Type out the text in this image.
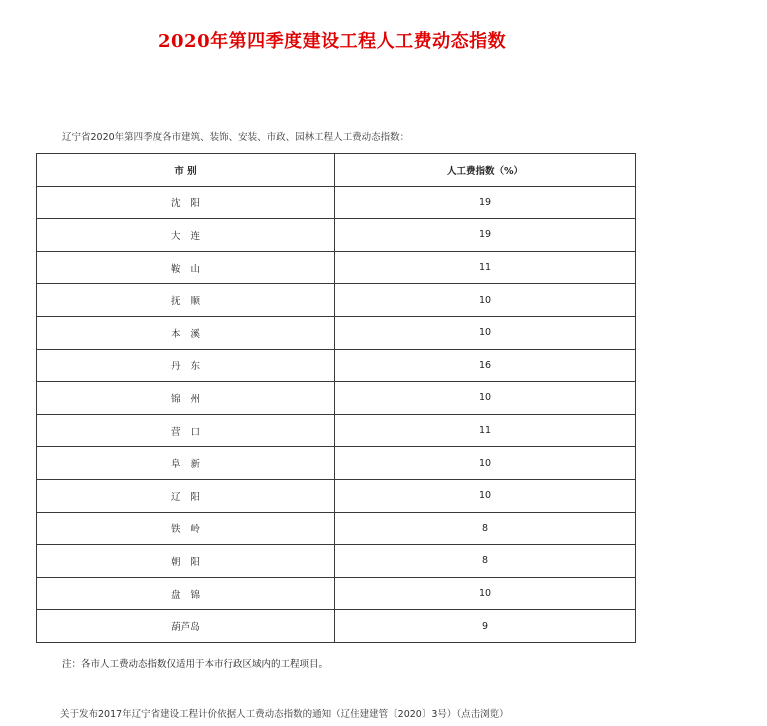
2020年第四季度建设工程人工费动态指数
辽宁省2020年第四季度各市建筑、装饰、安装、市政、园林工程人工费动态指数：
市 别	人工费指数（%）
沈阳	19
大连	19
鞍山	11
抚顺	10
本溪	10
丹东	16
锦州	10
营口	11
阜新	10
辽阳	10
铁岭	8
朝阳	8
盘锦	10
葫芦岛	9
注：各市人工费动态指数仅适用于本市行政区域内的工程项目。
关于发布2017年辽宁省建设工程计价依据人工费动态指数的通知（辽住建建管〔2020〕3号）（点击浏览）
